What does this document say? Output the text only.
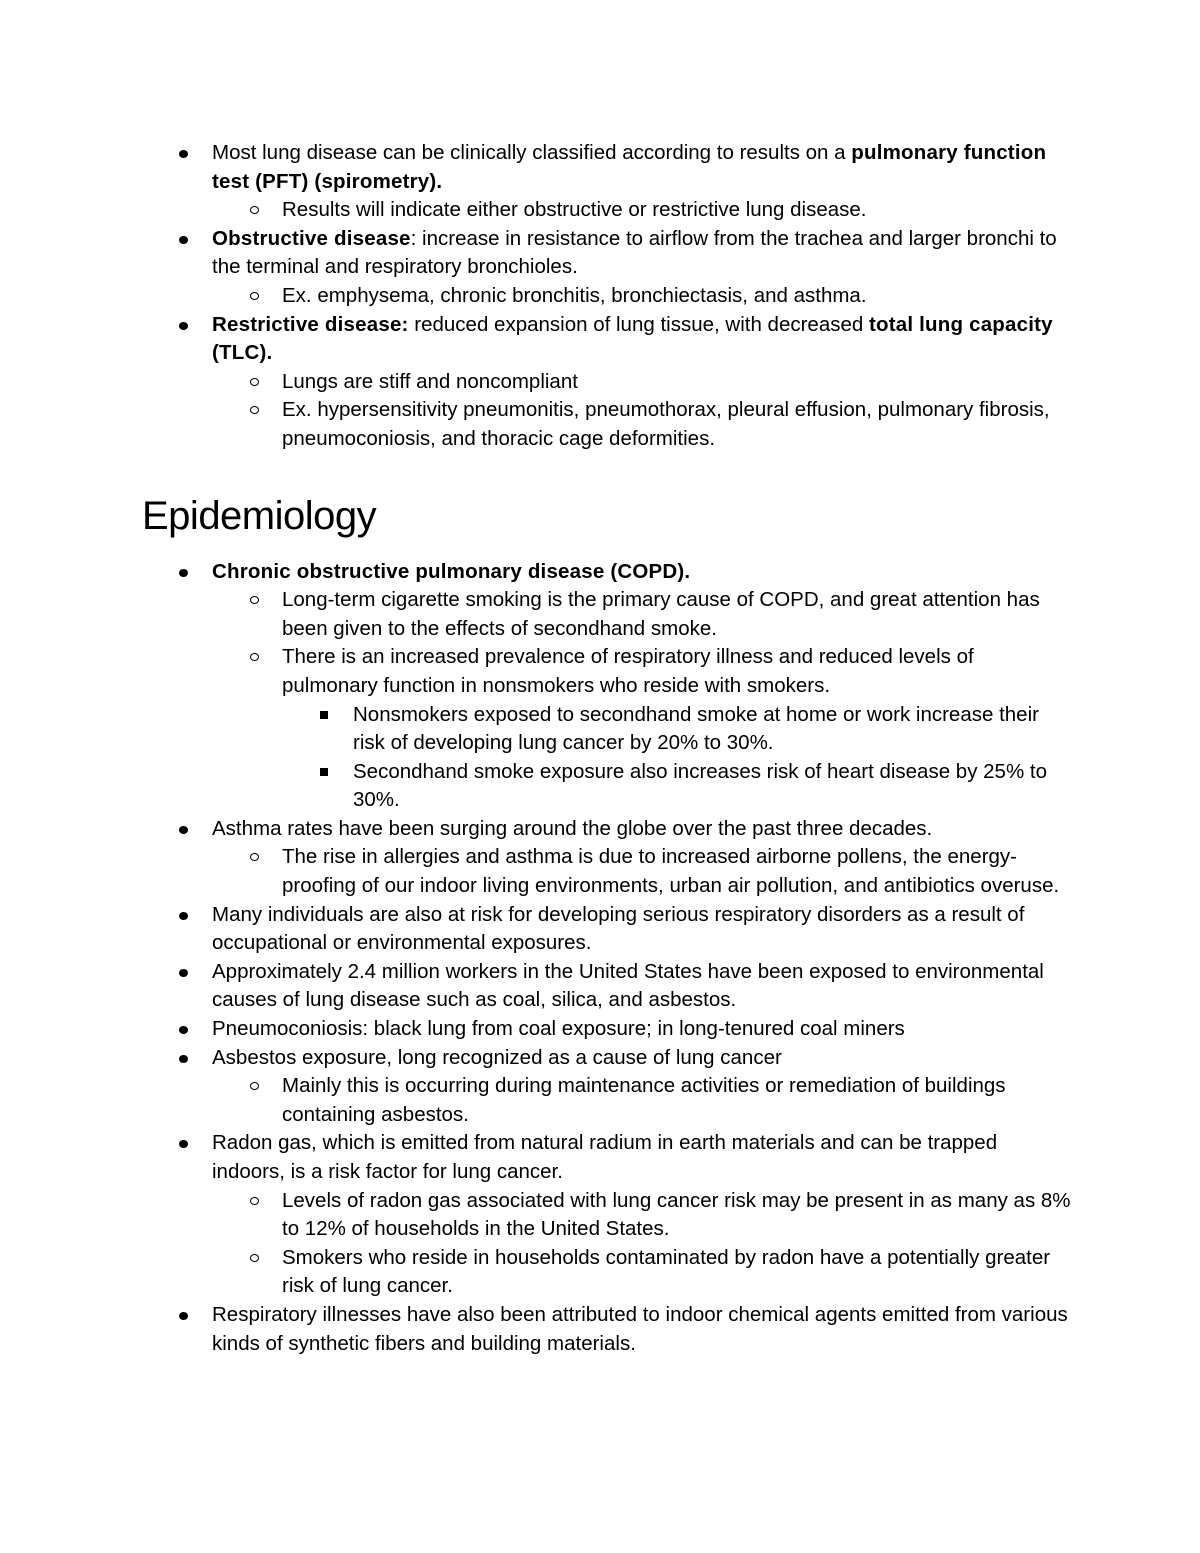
Most lung disease can be clinically classified according to results on a pulmonary function test (PFT) (spirometry).
Results will indicate either obstructive or restrictive lung disease.
Obstructive disease: increase in resistance to airflow from the trachea and larger bronchi to the terminal and respiratory bronchioles.
Ex. emphysema, chronic bronchitis, bronchiectasis, and asthma.
Restrictive disease: reduced expansion of lung tissue, with decreased total lung capacity (TLC).
Lungs are stiff and noncompliant
Ex. hypersensitivity pneumonitis, pneumothorax, pleural effusion, pulmonary fibrosis, pneumoconiosis, and thoracic cage deformities.
Epidemiology
Chronic obstructive pulmonary disease (COPD).
Long-term cigarette smoking is the primary cause of COPD, and great attention has been given to the effects of secondhand smoke.
There is an increased prevalence of respiratory illness and reduced levels of pulmonary function in nonsmokers who reside with smokers.
Nonsmokers exposed to secondhand smoke at home or work increase their risk of developing lung cancer by 20% to 30%.
Secondhand smoke exposure also increases risk of heart disease by 25% to 30%.
Asthma rates have been surging around the globe over the past three decades.
The rise in allergies and asthma is due to increased airborne pollens, the energy-proofing of our indoor living environments, urban air pollution, and antibiotics overuse.
Many individuals are also at risk for developing serious respiratory disorders as a result of occupational or environmental exposures.
Approximately 2.4 million workers in the United States have been exposed to environmental causes of lung disease such as coal, silica, and asbestos.
Pneumoconiosis: black lung from coal exposure; in long-tenured coal miners
Asbestos exposure, long recognized as a cause of lung cancer
Mainly this is occurring during maintenance activities or remediation of buildings containing asbestos.
Radon gas, which is emitted from natural radium in earth materials and can be trapped indoors, is a risk factor for lung cancer.
Levels of radon gas associated with lung cancer risk may be present in as many as 8% to 12% of households in the United States.
Smokers who reside in households contaminated by radon have a potentially greater risk of lung cancer.
Respiratory illnesses have also been attributed to indoor chemical agents emitted from various kinds of synthetic fibers and building materials.
